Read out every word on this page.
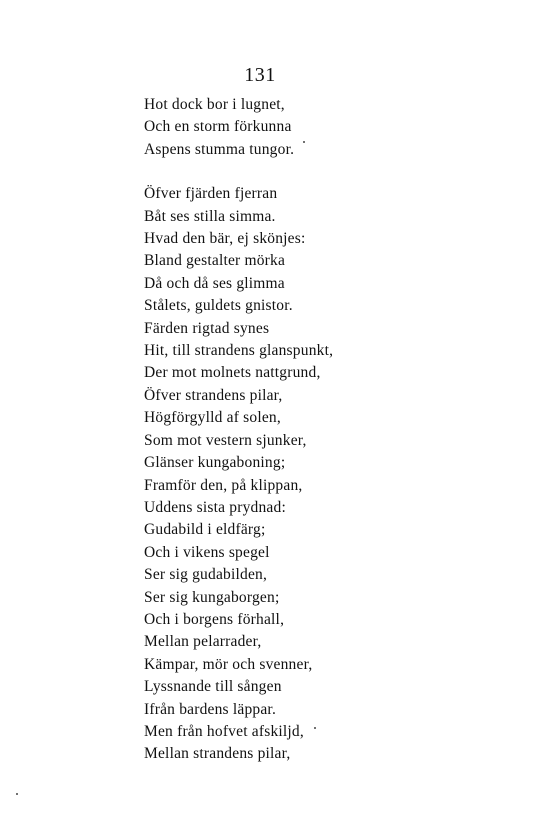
131
Hot dock bor i lugnet,
Och en storm förkunna
Aspens stumma tungor.
Öfver fjärden fjerran
Båt ses stilla simma.
Hvad den bär, ej skönjes:
Bland gestalter mörka
Då och då ses glimma
Stålets, guldets gnistor.
Färden rigtad synes
Hit, till strandens glanspunkt,
Der mot molnets nattgrund,
Öfver strandens pilar,
Högförgylld af solen,
Som mot vestern sjunker,
Glänser kungaboning;
Framför den, på klippan,
Uddens sista prydnad:
Gudabild i eldfärg;
Och i vikens spegel
Ser sig gudabilden,
Ser sig kungaborgen;
Och i borgens förhall,
Mellan pelarrader,
Kämpar, mör och svenner,
Lyssnande till sången
Ifrån bardens läppar.
Men från hofvet afskiljd,
Mellan strandens pilar,
